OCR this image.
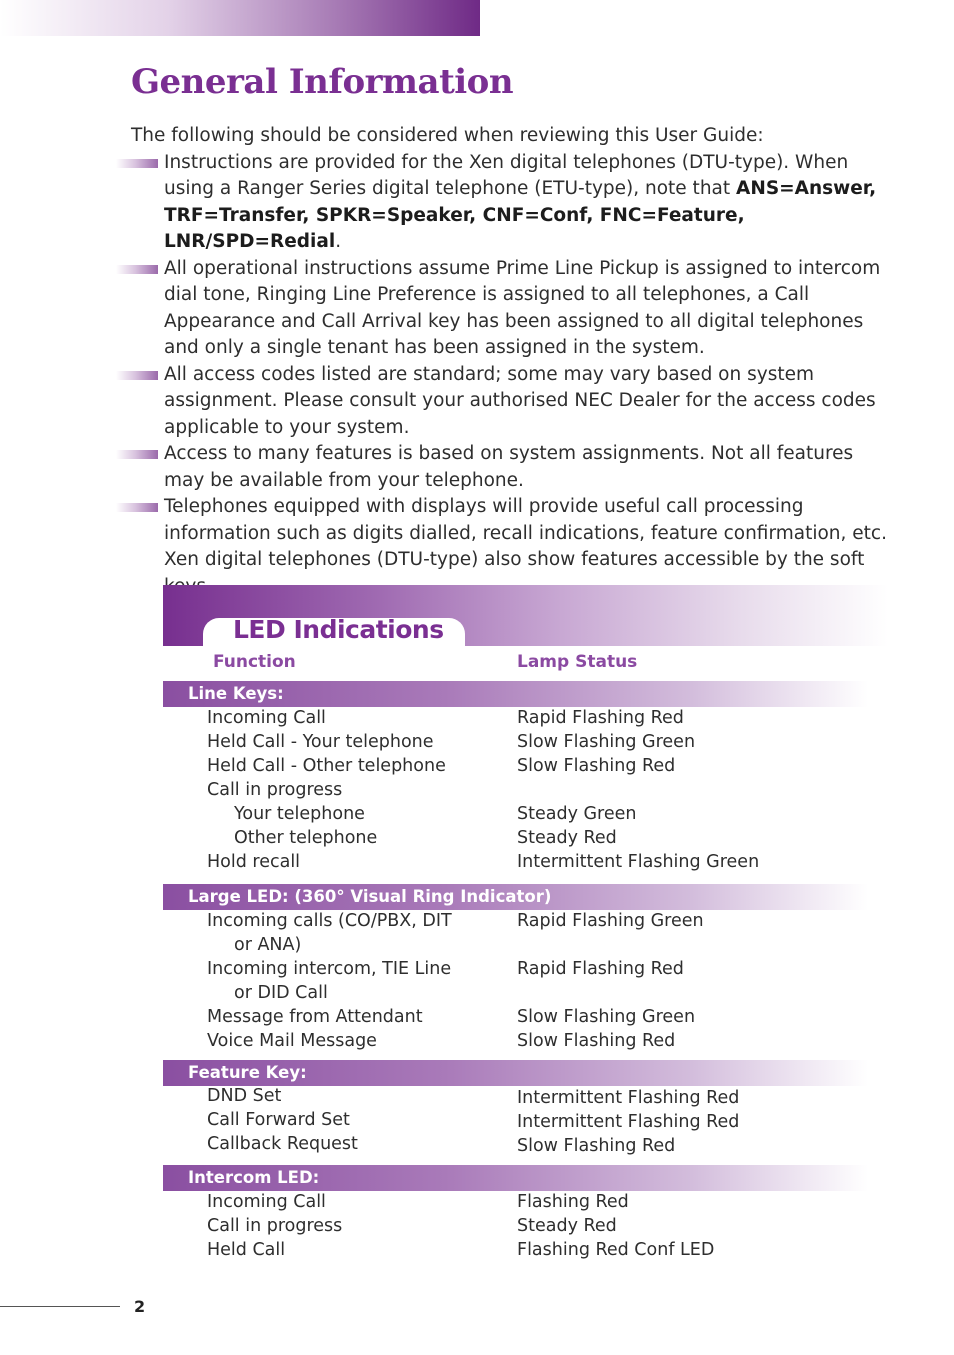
General Information

The following should be considered when reviewing this User Guide:

Instructions are provided for the Xen digital telephones (DTU-type). When using a Ranger Series digital telephone (ETU-type), note that ANS=Answer, TRF=Transfer, SPKR=Speaker, CNF=Conf, FNC=Feature, LNR/SPD=Redial.
All operational instructions assume Prime Line Pickup is assigned to intercom dial tone, Ringing Line Preference is assigned to all telephones, a Call Appearance and Call Arrival key has been assigned to all digital telephones and only a single tenant has been assigned in the system.
All access codes listed are standard; some may vary based on system assignment. Please consult your authorised NEC Dealer for the access codes applicable to your system.
Access to many features is based on system assignments. Not all features may be available from your telephone.
Telephones equipped with displays will provide useful call processing information such as digits dialled, recall indications, feature confirmation, etc. Xen digital telephones (DTU-type) also show features accessible by the soft
LED Indications
Function	Lamp Status
Line Keys:
Incoming Call	Rapid Flashing Red
Held Call - Your telephone	Slow Flashing Green
Held Call - Other telephone	Slow Flashing Red
Call in progress
Your telephone	Steady Green
Other telephone	Steady Red
Hold recall	Intermittent Flashing Green
Large LED: (360° Visual Ring Indicator)
Incoming calls (CO/PBX, DIT	Rapid Flashing Green
or ANA)
Incoming intercom, TIE Line	Rapid Flashing Red
or DID Call
Message from Attendant	Slow Flashing Green
Voice Mail Message	Slow Flashing Red
Feature Key:
DND Set	Intermittent Flashing Red
Call Forward Set	Intermittent Flashing Red
Callback Request	Slow Flashing Red
Intercom LED:
Incoming Call	Flashing Red
Call in progress	Steady Red
Held Call	Flashing Red Conf LED
2
